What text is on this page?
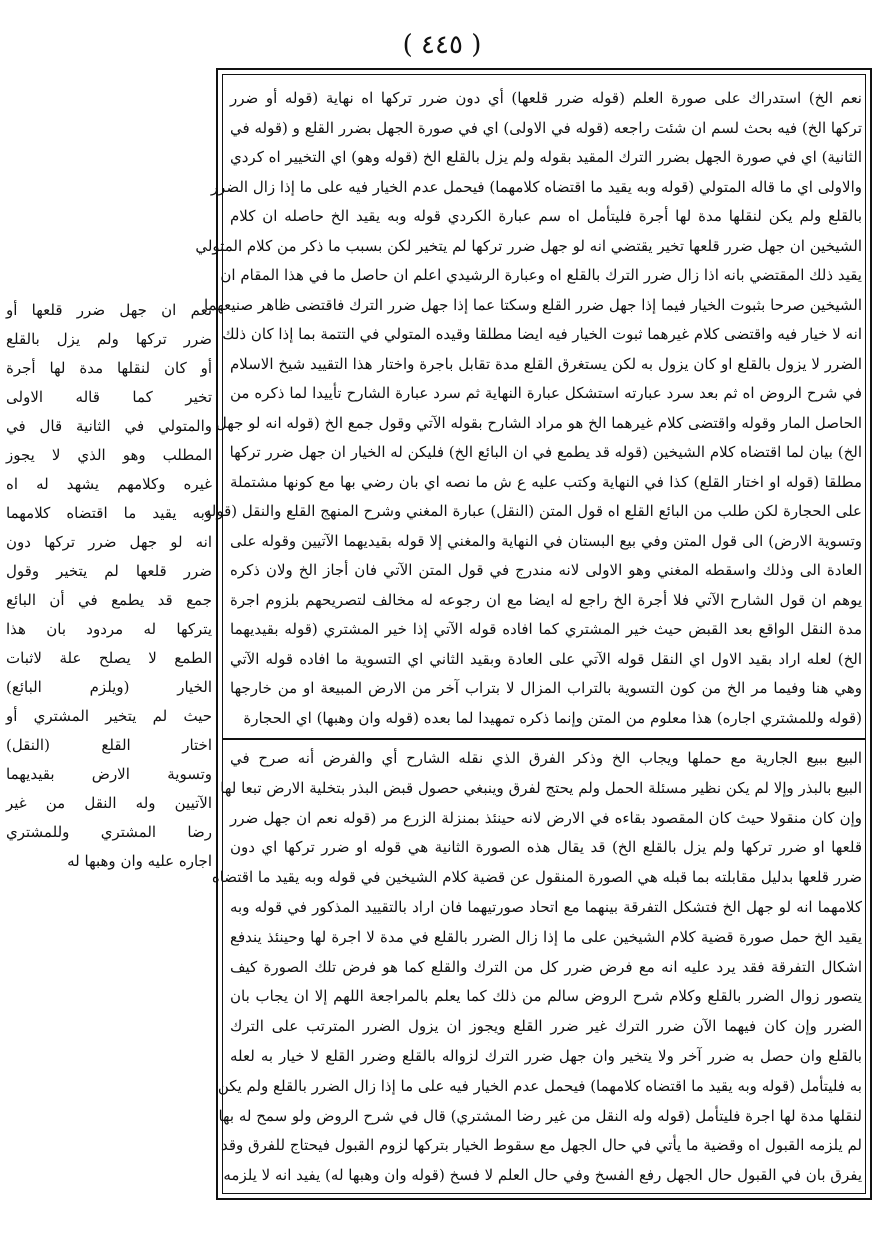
( ٤٤٥ )
نعم الخ) استدراك على صورة العلم (قوله ضرر قلعها) أي دون ضرر تركها اه نهاية (قوله أو ضرر
تركها الخ) فيه بحث لسم ان شئت راجعه (قوله في الاولى) اي في صورة الجهل بضرر القلع و (قوله في
الثانية) اي في صورة الجهل بضرر الترك المقيد بقوله ولم يزل بالقلع الخ (قوله وهو) اي التخيير اه كردي
والاولى اي ما قاله المتولي (قوله وبه يقيد ما اقتضاه كلامهما) فيحمل عدم الخيار فيه على ما إذا زال الضرر
بالقلع ولم يكن لنقلها مدة لها أجرة فليتأمل اه سم عبارة الكردي قوله وبه يقيد الخ حاصله ان كلام
الشيخين ان جهل ضرر قلعها تخير يقتضي انه لو جهل ضرر تركها لم يتخير لكن بسبب ما ذكر من كلام المتولي
يقيد ذلك المقتضي بانه اذا زال ضرر الترك بالقلع اه وعبارة الرشيدي اعلم ان حاصل ما في هذا المقام ان
الشيخين صرحا بثبوت الخيار فيما إذا جهل ضرر القلع وسكتا عما إذا جهل ضرر الترك فاقتضى ظاهر صنيعهما
انه لا خيار فيه واقتضى كلام غيرهما ثبوت الخيار فيه ايضا مطلقا وقيده المتولي في التتمة بما إذا كان ذلك
الضرر لا يزول بالقلع او كان يزول به لكن يستغرق القلع مدة تقابل باجرة واختار هذا التقييد شيخ الاسلام
في شرح الروض اه ثم بعد سرد عبارته استشكل عبارة النهاية ثم سرد عبارة الشارح تأييدا لما ذكره من
الحاصل المار وقوله واقتضى كلام غيرهما الخ هو مراد الشارح بقوله الآتي وقول جمع الخ (قوله انه لو جهل
الخ) بيان لما اقتضاه كلام الشيخين (قوله قد يطمع في ان البائع الخ) فليكن له الخيار ان جهل ضرر تركها
مطلقا (قوله او اختار القلع) كذا في النهاية وكتب عليه ع ش ما نصه اي بان رضي بها مع كونها مشتملة
على الحجارة لكن طلب من البائع القلع اه قول المتن (النقل) عبارة المغني وشرح المنهج القلع والنقل (قوله
وتسوية الارض) الى قول المتن وفي بيع البستان في النهاية والمغني إلا قوله بقيديهما الآتيين وقوله على
العادة الى وذلك واسقطه المغني وهو الاولى لانه مندرج في قول المتن الآتي فان أجاز الخ ولان ذكره
يوهم ان قول الشارح الآتي فلا أجرة الخ راجع له ايضا مع ان رجوعه له مخالف لتصريحهم بلزوم اجرة
مدة النقل الواقع بعد القبض حيث خير المشتري كما افاده قوله الآتي إذا خير المشتري (قوله بقيديهما
الخ) لعله اراد بقيد الاول اي النقل قوله الآتي على العادة وبقيد الثاني اي التسوية ما افاده قوله الآتي
وهي هنا وفيما مر الخ من كون التسوية بالتراب المزال لا بتراب آخر من الارض المبيعة او من خارجها
(قوله وللمشتري اجاره) هذا معلوم من المتن وإنما ذكره تمهيدا لما بعده (قوله وان وهبها) اي الحجارة
البيع ببيع الجارية مع حملها ويجاب الخ وذكر الفرق الذي نقله الشارح أي والفرض أنه صرح في
البيع بالبذر وإلا لم يكن نظير مسئلة الحمل ولم يحتج لفرق وينبغي حصول قبض البذر بتخلية الارض تبعا لها
وإن كان منقولا حيث كان المقصود بقاءه في الارض لانه حينئذ بمنزلة الزرع مر (قوله نعم ان جهل ضرر
قلعها او ضرر تركها ولم يزل بالقلع الخ) قد يقال هذه الصورة الثانية هي قوله او ضرر تركها اي دون
ضرر قلعها بدليل مقابلته بما قبله هي الصورة المنقول عن قضية كلام الشيخين في قوله وبه يقيد ما اقتضاه
كلامهما انه لو جهل الخ فتشكل التفرقة بينهما مع اتحاد صورتيهما فان اراد بالتقييد المذكور في قوله وبه
يقيد الخ حمل صورة قضية كلام الشيخين على ما إذا زال الضرر بالقلع في مدة لا اجرة لها وحينئذ يندفع
اشكال التفرقة فقد يرد عليه انه مع فرض ضرر كل من الترك والقلع كما هو فرض تلك الصورة كيف
يتصور زوال الضرر بالقلع وكلام شرح الروض سالم من ذلك كما يعلم بالمراجعة اللهم إلا ان يجاب بان
الضرر وإن كان فيهما الآن ضرر الترك غير ضرر القلع ويجوز ان يزول الضرر المترتب على الترك
بالقلع وان حصل به ضرر آخر ولا يتخير وان جهل ضرر الترك لزواله بالقلع وضرر القلع لا خيار به لعله
به فليتأمل (قوله وبه يقيد ما اقتضاه كلامهما) فيحمل عدم الخيار فيه على ما إذا زال الضرر بالقلع ولم يكن
لنقلها مدة لها اجرة فليتأمل (قوله وله النقل من غير رضا المشتري) قال في شرح الروض ولو سمح له بها
لم يلزمه القبول اه وقضية ما يأتي في حال الجهل مع سقوط الخيار بتركها لزوم القبول فيحتاج للفرق وقد
يفرق بان في القبول حال الجهل رفع الفسخ وفي حال العلم لا فسخ (قوله وان وهبها له) يفيد انه لا يلزمه
نعم ان جهل ضرر قلعها أو
ضرر تركها ولم يزل بالقلع
أو كان لنقلها مدة لها أجرة
تخير كما قاله الاولى
والمتولي في الثانية قال في
المطلب وهو الذي لا يجوز
غيره وكلامهم يشهد له اه
وبه يقيد ما اقتضاه كلامهما
انه لو جهل ضرر تركها دون
ضرر قلعها لم يتخير وقول
جمع قد يطمع في أن البائع
يتركها له مردود بان هذا
الطمع لا يصلح علة لاثبات
الخيار (ويلزم البائع)
حيث لم يتخير المشتري أو
اختار القلع (النقل)
وتسوية الارض بقيديهما
الآتيين وله النقل من غير
رضا المشتري وللمشتري
اجاره عليه وان وهبها له
